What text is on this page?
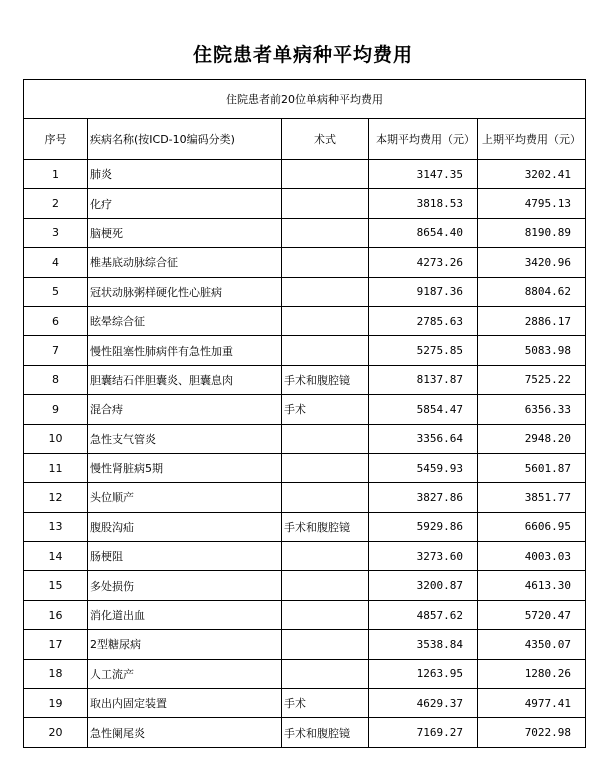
住院患者单病种平均费用
住院患者前20位单病种平均费用				
序号	疾病名称(按ICD-10编码分类)	术式	本期平均费用（元）	上期平均费用（元）
1	肺炎		3147.35	3202.41
2	化疗		3818.53	4795.13
3	脑梗死		8654.40	8190.89
4	椎基底动脉综合征		4273.26	3420.96
5	冠状动脉粥样硬化性心脏病		9187.36	8804.62
6	眩晕综合征		2785.63	2886.17
7	慢性阻塞性肺病伴有急性加重		5275.85	5083.98
8	胆囊结石伴胆囊炎、胆囊息肉	手术和腹腔镜	8137.87	7525.22
9	混合痔	手术	5854.47	6356.33
10	急性支气管炎		3356.64	2948.20
11	慢性肾脏病5期		5459.93	5601.87
12	头位顺产		3827.86	3851.77
13	腹股沟疝	手术和腹腔镜	5929.86	6606.95
14	肠梗阻		3273.60	4003.03
15	多处损伤		3200.87	4613.30
16	消化道出血		4857.62	5720.47
17	2型糖尿病		3538.84	4350.07
18	人工流产		1263.95	1280.26
19	取出内固定装置	手术	4629.37	4977.41
20	急性阑尾炎	手术和腹腔镜	7169.27	7022.98
